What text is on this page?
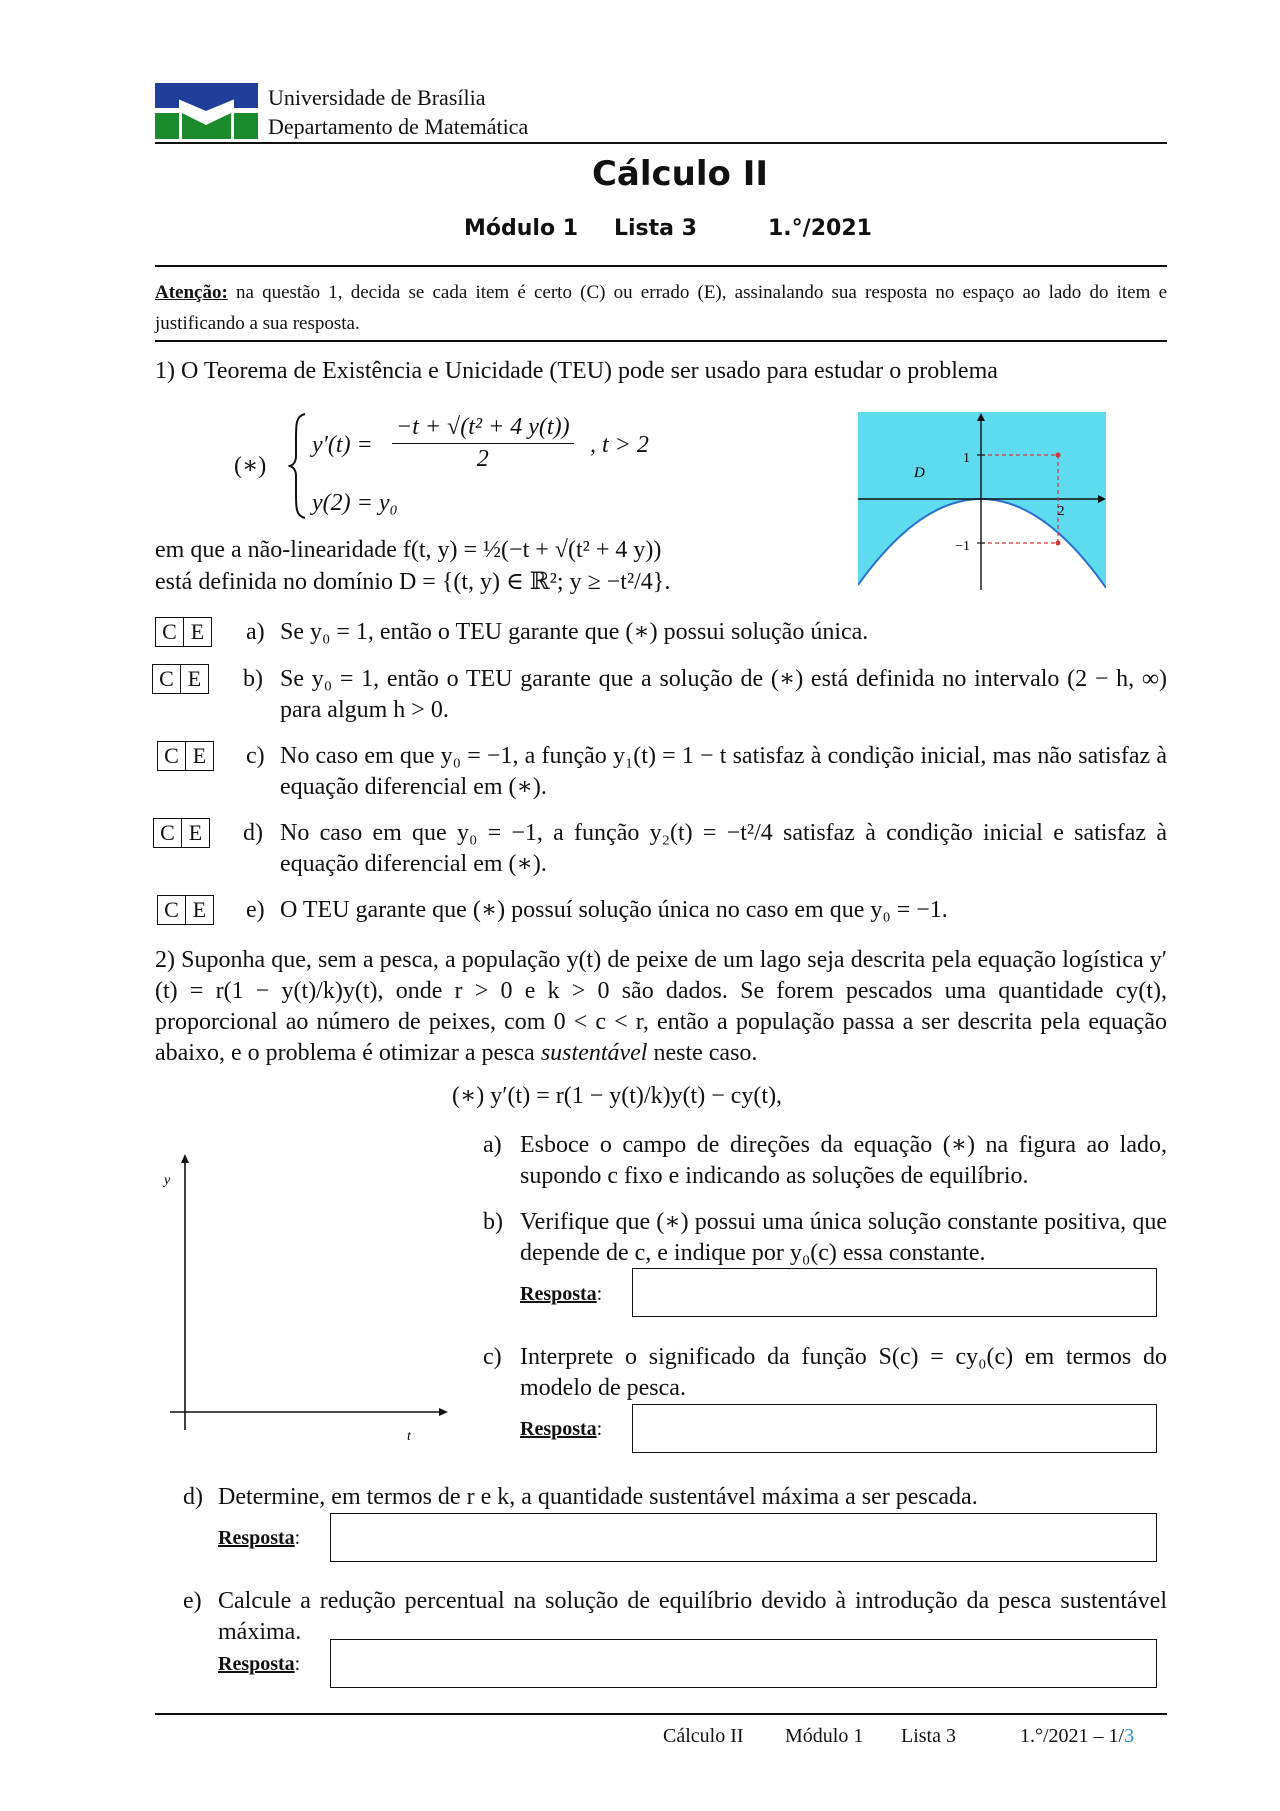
Universidade de Brasília
Departamento de Matemática
Cálculo II
Módulo 1 Lista 3	1.°/2021
Atenção: na questão 1, decida se cada item é certo (C) ou errado (E), assinalando sua resposta no espaço ao lado do item e justificando a sua resposta.
1) O Teorema de Existência e Unicidade (TEU) pode ser usado para estudar o problema
(∗)
$y'(t) = \frac{\text{−t + √(t² + 4 y(t))}}{2}$ , t > 2
y(2) = y₀
em que a não-linearidade f(t, y) = ½(−t + √(t² + 4 y))
está definida no domínio D = {(t, y) ∈ ℝ²; y ≥ −t²/4}.
1
−1
2
D
C E a) Se y₀ = 1, então o TEU garante que (∗) possui solução única.
C E b) Se y₀ = 1, então o TEU garante que a solução de (∗) está definida no intervalo (2 − h, ∞) para algum h > 0.
C E c) No caso em que y₀ = −1, a função y₁(t) = 1 − t satisfaz à condição inicial, mas não satisfaz à equação diferencial em (∗).
C E d) No caso em que y₀ = −1, a função y₂(t) = −t²/4 satisfaz à condição inicial e satisfaz à equação diferencial em (∗).
C E e) O TEU garante que (∗) possuí solução única no caso em que y₀ = −1.
2) Suponha que, sem a pesca, a população y(t) de peixe de um lago seja descrita pela equação logística y′(t) = r(1 − y(t)/k)y(t), onde r > 0 e k > 0 são dados. Se forem pescados uma quantidade cy(t), proporcional ao número de peixes, com 0 < c < r, então a população passa a ser descrita pela equação abaixo, e o problema é otimizar a pesca sustentável neste caso.
(∗) y′(t) = r(1 − y(t)/k)y(t) − cy(t),
y
t
a) Esboce o campo de direções da equação (∗) na figura ao lado, supondo c fixo e indicando as soluções de equilíbrio.
b) Verifique que (∗) possui uma única solução constante positiva, que depende de c, e indique por y₀(c) essa constante.
Resposta:
c) Interprete o significado da função S(c) = cy₀(c) em termos do modelo de pesca.
Resposta:
d) Determine, em termos de r e k, a quantidade sustentável máxima a ser pescada.
Resposta:
e) Calcule a redução percentual na solução de equilíbrio devido à introdução da pesca sustentável máxima.
Resposta:
Cálculo II Módulo 1 Lista 3	1.°/2021 – 1/3
